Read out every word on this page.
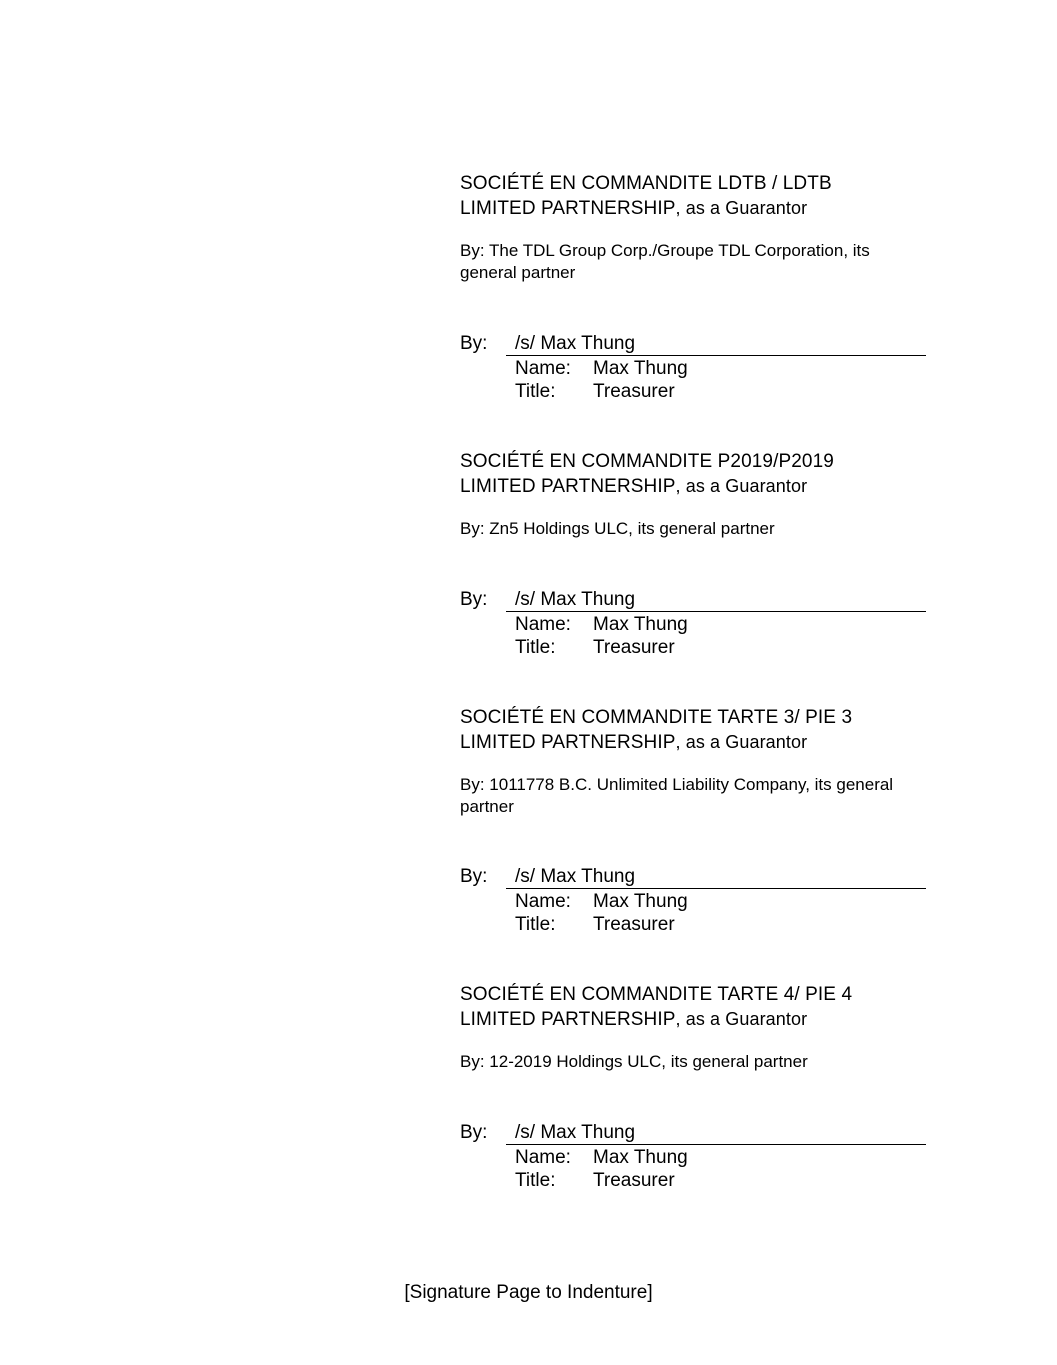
SOCIÉTÉ EN COMMANDITE LDTB / LDTB
LIMITED PARTNERSHIP, as a Guarantor

By: The TDL Group Corp./Groupe TDL Corporation, its general partner

By: /s/ Max Thung
Name: Max Thung
Title: Treasurer

SOCIÉTÉ EN COMMANDITE P2019/P2019
LIMITED PARTNERSHIP, as a Guarantor

By: Zn5 Holdings ULC, its general partner

By: /s/ Max Thung
Name: Max Thung
Title: Treasurer

SOCIÉTÉ EN COMMANDITE TARTE 3/ PIE 3
LIMITED PARTNERSHIP, as a Guarantor

By: 1011778 B.C. Unlimited Liability Company, its general partner

By: /s/ Max Thung
Name: Max Thung
Title: Treasurer

SOCIÉTÉ EN COMMANDITE TARTE 4/ PIE 4
LIMITED PARTNERSHIP, as a Guarantor

By: 12-2019 Holdings ULC, its general partner

By: /s/ Max Thung
Name: Max Thung
Title: Treasurer
[Signature Page to Indenture]
